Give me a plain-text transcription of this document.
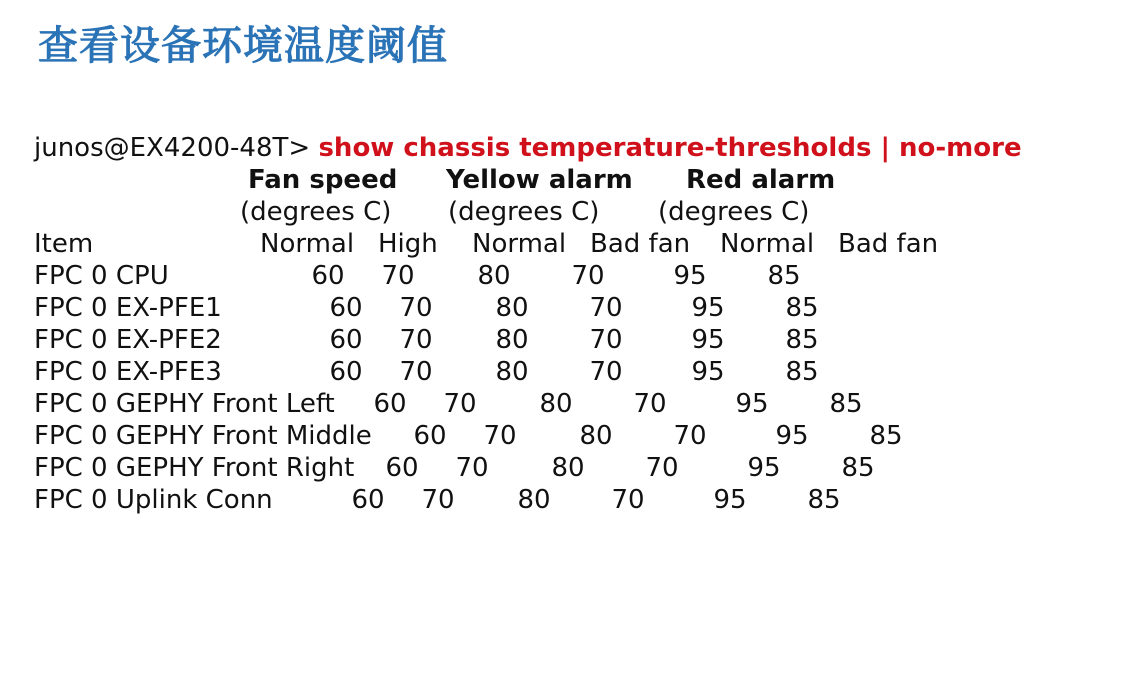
查看设备环境温度阈值
junos@EX4200-48T> show chassis temperature-thresholds | no-more
Fan speed Yellow alarm Red alarm
(degrees C) (degrees C) (degrees C)
Item	Normal High Normal Bad fan Normal Bad fan
FPC 0 CPU	60 70 80 70	95 85
FPC 0 EX-PFE1	60 70 80 70	95 85
FPC 0 EX-PFE2	60 70 80 70	95 85
FPC 0 EX-PFE3	60 70 80 70	95 85
FPC 0 GEPHY Front Left 60 70 80 70	95 85
FPC 0 GEPHY Front Middle 60 70 80 70	95 85
FPC 0 GEPHY Front Right 60 70 80 70	95 85
FPC 0 Uplink Conn	60 70 80 70	95 85
